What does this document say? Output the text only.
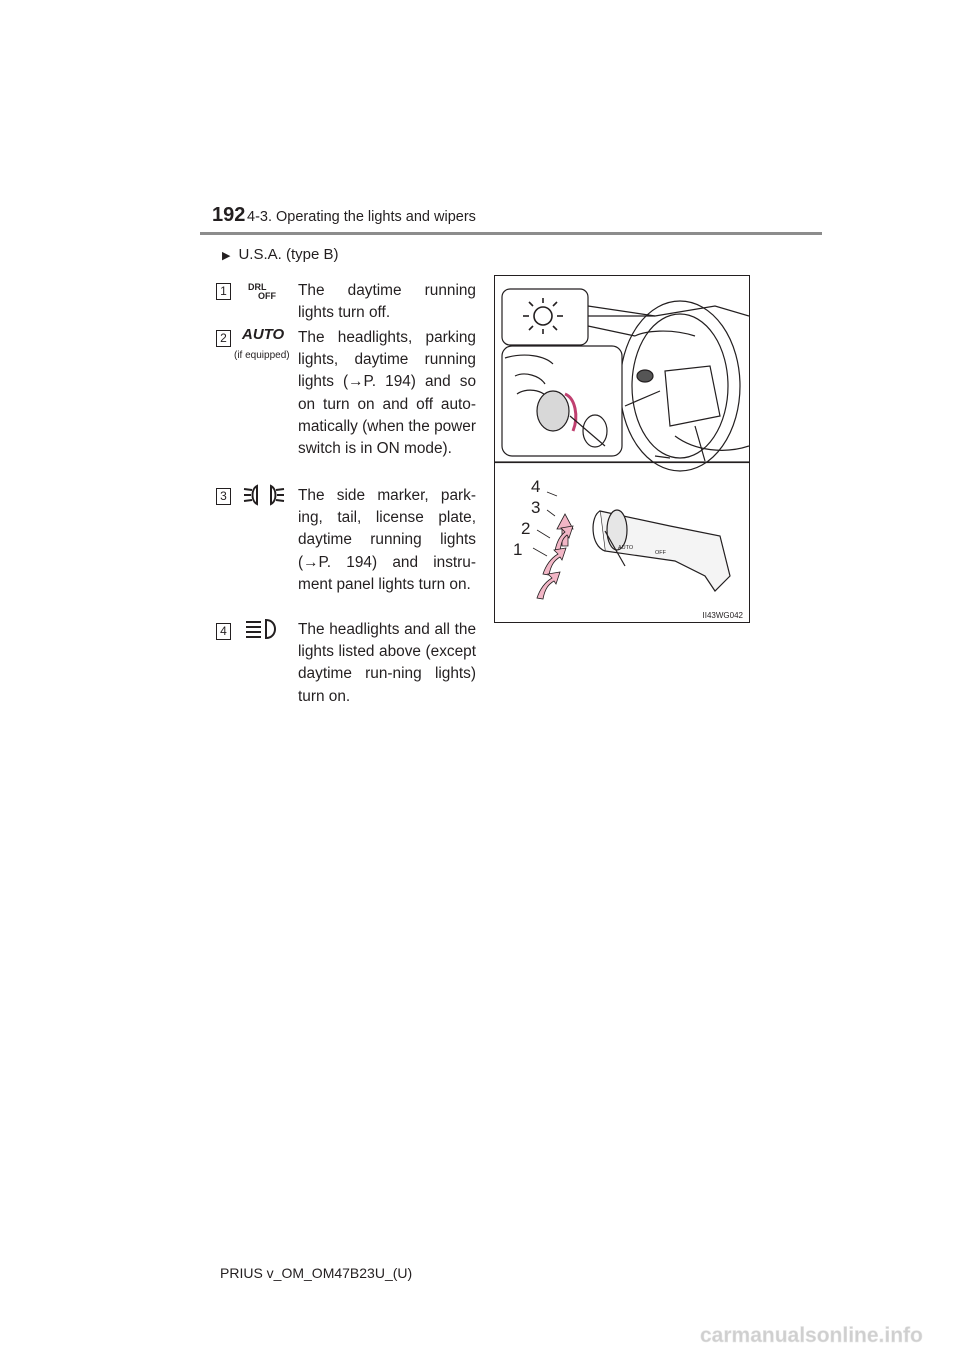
192 4-3. Operating the lights and wipers
▶ U.S.A. (type B)
1	DRL
OFF The daytime running lights turn off.
2 AUTO
(if equipped)
The headlights, parking lights, daytime running lights (→P. 194) and so on turn on and off auto-matically (when the power switch is in ON mode).
3	The side marker, park-ing, tail, license plate, daytime running lights (→P. 194) and instru-ment panel lights turn on.
4	The headlights and all the lights listed above (except daytime run-ning lights) turn on.
4
3
2
1	AUTO
OFF
II43WG042
PRIUS v_OM_OM47B23U_(U)
carmanualsonline.info
